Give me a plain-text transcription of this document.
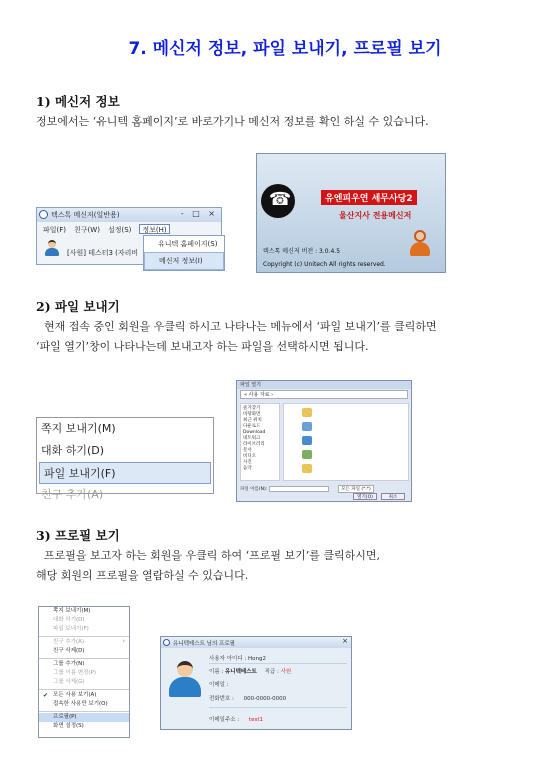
7. 메신저 정보, 파일 보내기, 프로필 보기
1) 메신저 정보
정보에서는 ‘유니텍 홈페이지’로 바로가기나 메신저 정보를 확인 하실 수 있습니다.
텍스톡 메신저(일반용)	- □ ×
파일(F) 친구(W) 설정(S)	정보(H)
[사원] 테스터3 (자리비
유니텍 홈페이지(S)
메신저 정보(I)
☎
유엔피우연 세무사당2
울산지사 전용메신저
텍스톡 메신저 버전 : 3.0.4.5
Copyright (c) Unitech All rights reserved.
2) 파일 보내기
현재 접속 중인 회원을 우클릭 하시고 나타나는 메뉴에서 ‘파일 보내기’를 클릭하면
‘파일 열기’창이 나타나는데 보내고자 하는 파일을 선택하시면 됩니다.
쪽지 보내기(M)
대화 하기(D)
파일 보내기(F)
친구 추가(A)
파일 열기
« 사용 자료 ›
즐겨찾기
바탕화면
최근 위치
다운로드
Download
네트워크
라이브러리
문서
비디오
사진
음악
파일 이름(N):	모든 파일 (*.*)
열기(O)	취소
3) 프로필 보기
프로필을 보고자 하는 회원을 우클릭 하여 ‘프로필 보기’를 클릭하시면,
해당 회원의 프로필을 열람하실 수 있습니다.
쪽지 보내기(M)
대화 하기(D)
파일 보내기(F)
친구 추가(A) ›
친구 삭제(D)
그룹 추가(N)
그룹 이름 변경(P)
그룹 삭제(G)
✔ 모든 사용 보기(A)
접속한 사용만 보기(O)
프로필(P)
화면 설정(S)
유니텍테스트 님의 프로필	×
사용자 아이디 : Hong2
이름 : 유니텍테스트 직급 : 사원
이메일 :
전화번호 : 000-0000-0000
이메일주소 : test1
